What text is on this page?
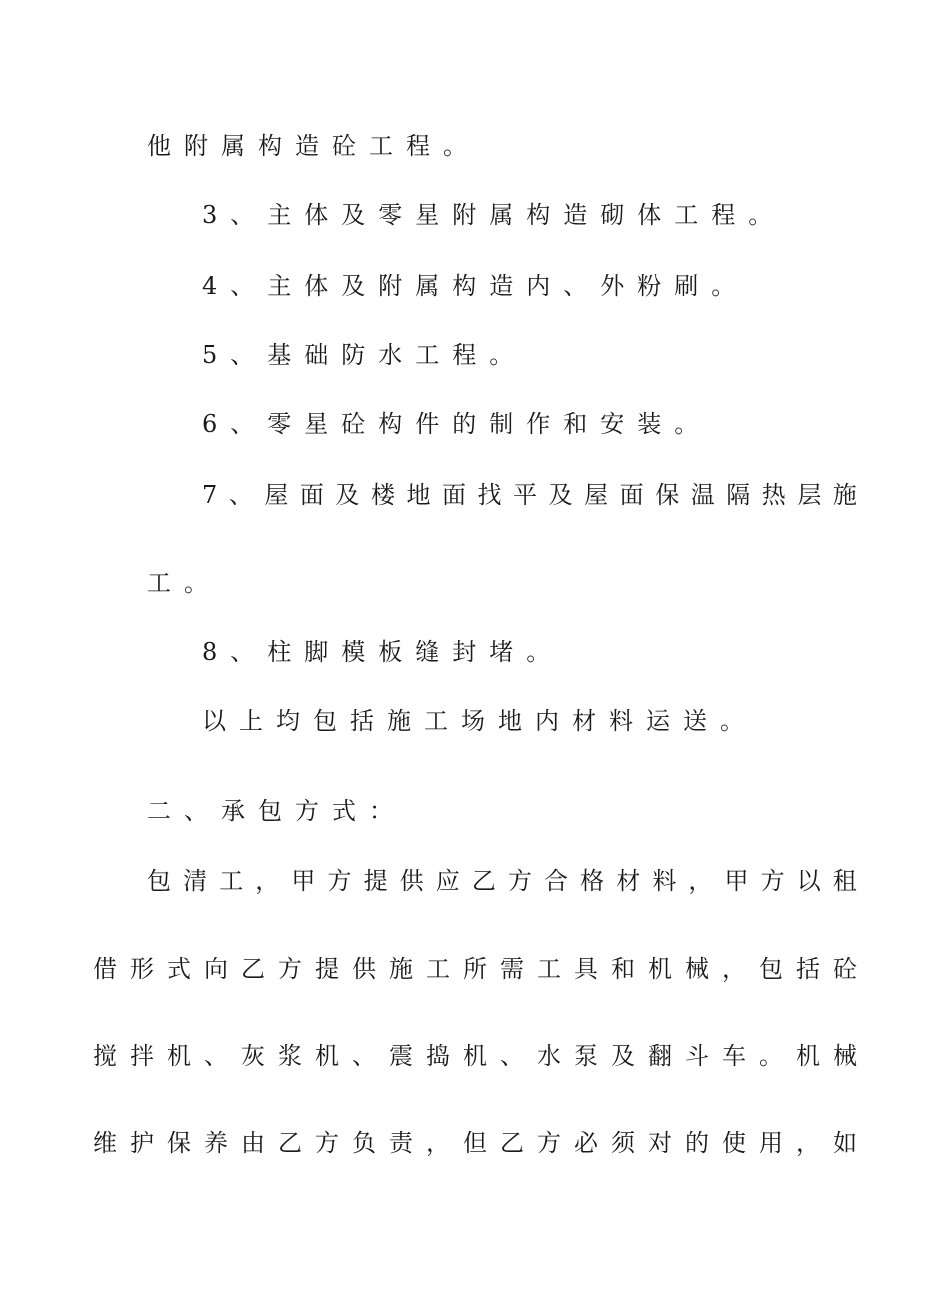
他附属构造砼工程。
3、主体及零星附属构造砌体工程。
4、主体及附属构造内、外粉刷。
5、基础防水工程。
6、零星砼构件的制作和安装。
7 、 屋 面 及 楼 地 面 找 平 及 屋 面 保 温 隔 热 层 施
工。
8、柱脚模板缝封堵。
以上均包括施工场地内材料运送。
二、承包方式：
包 清 工 ， 甲 方 提 供 应 乙 方 合 格 材 料 ， 甲 方 以 租
借 形 式 向 乙 方 提 供 施 工 所 需 工 具 和 机 械 ， 包 括 砼
搅 拌 机 、 灰 浆 机 、 震 捣 机 、 水 泵 及 翻 斗 车 。 机 械
维 护 保 养 由 乙 方 负 责 ， 但 乙 方 必 须 对 的 使 用 ， 如
